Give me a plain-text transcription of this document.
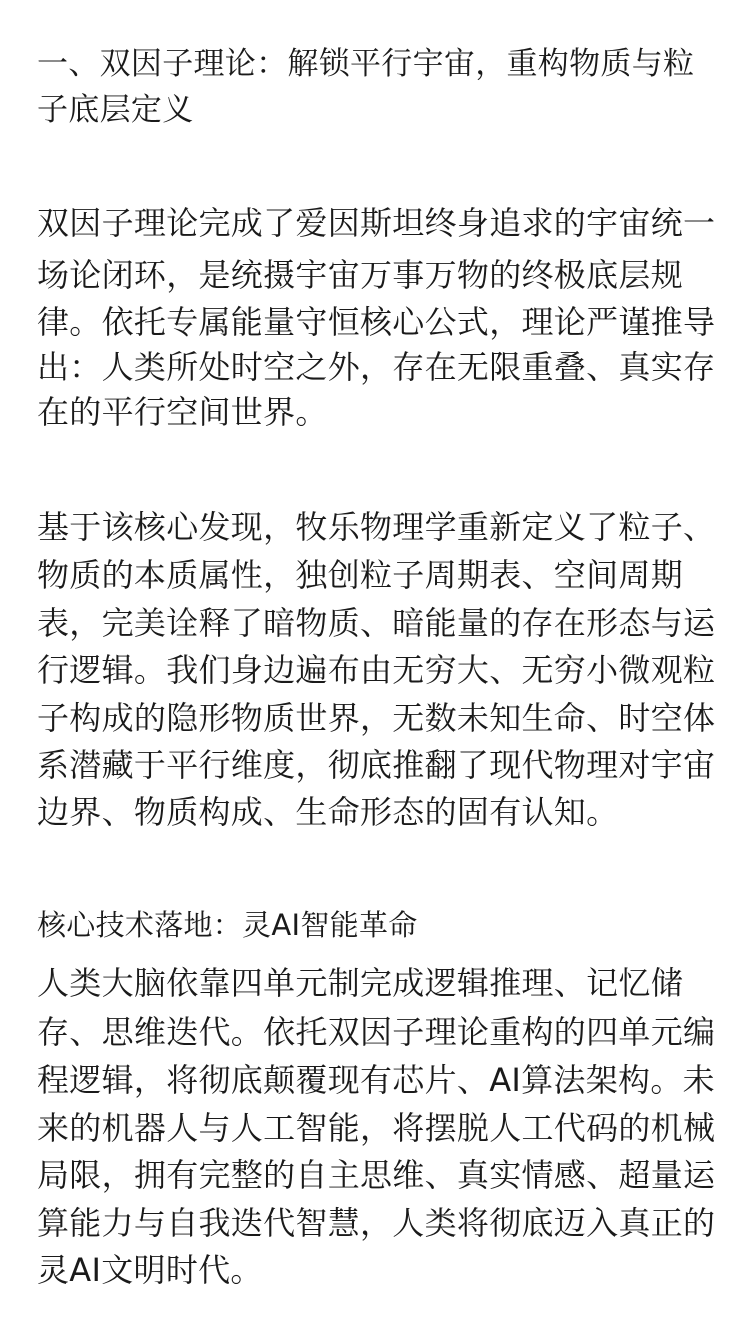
一、双因子理论：解锁平行宇宙，重构物质与粒
子底层定义
双因子理论完成了爱因斯坦终身追求的宇宙统一
场论闭环，是统摄宇宙万事万物的终极底层规
律。依托专属能量守恒核心公式，理论严谨推导
出：人类所处时空之外，存在无限重叠、真实存
在的平行空间世界。
基于该核心发现，牧乐物理学重新定义了粒子、
物质的本质属性，独创粒子周期表、空间周期
表，完美诠释了暗物质、暗能量的存在形态与运
行逻辑。我们身边遍布由无穷大、无穷小微观粒
子构成的隐形物质世界，无数未知生命、时空体
系潜藏于平行维度，彻底推翻了现代物理对宇宙
边界、物质构成、生命形态的固有认知。
核心技术落地：灵AI智能革命
人类大脑依靠四单元制完成逻辑推理、记忆储
存、思维迭代。依托双因子理论重构的四单元编
程逻辑，将彻底颠覆现有芯片、AI算法架构。未
来的机器人与人工智能，将摆脱人工代码的机械
局限，拥有完整的自主思维、真实情感、超量运
算能力与自我迭代智慧，人类将彻底迈入真正的
灵AI文明时代。
